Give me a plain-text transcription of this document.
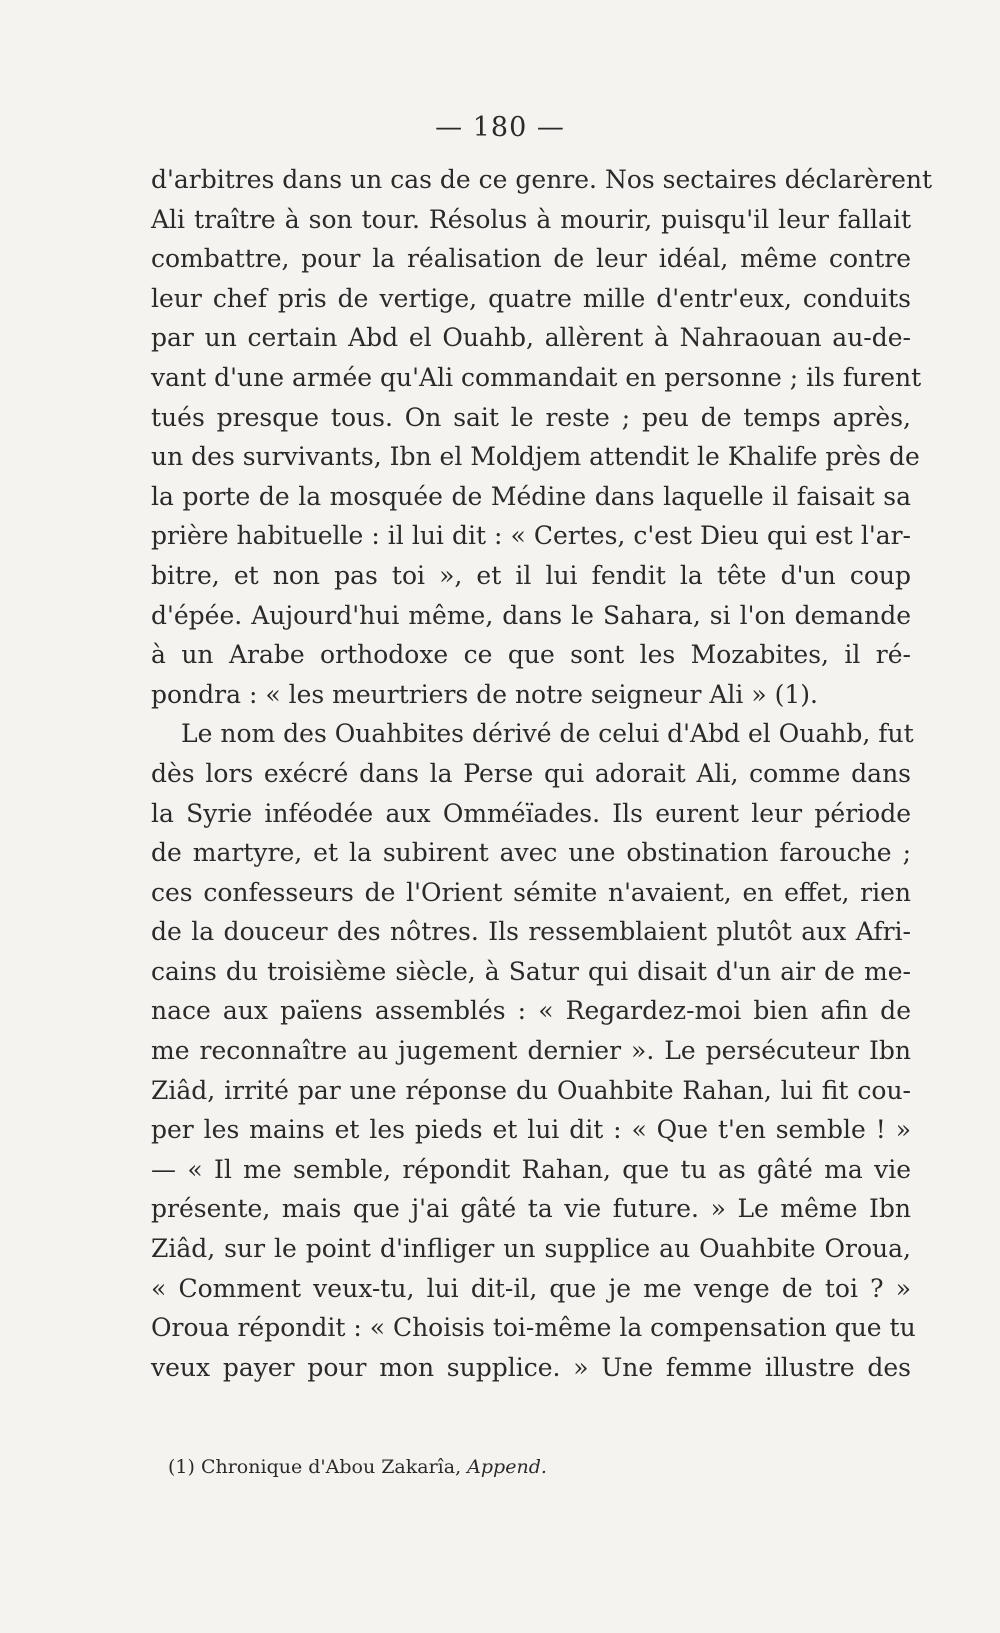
— 180 —
d'arbitres dans un cas de ce genre. Nos sectaires déclarèrent
Ali traître à son tour. Résolus à mourir, puisqu'il leur fallait
combattre, pour la réalisation de leur idéal, même contre
leur chef pris de vertige, quatre mille d'entr'eux, conduits
par un certain Abd el Ouahb, allèrent à Nahraouan au-de-
vant d'une armée qu'Ali commandait en personne ; ils furent
tués presque tous. On sait le reste ; peu de temps après,
un des survivants, Ibn el Moldjem attendit le Khalife près de
la porte de la mosquée de Médine dans laquelle il faisait sa
prière habituelle : il lui dit : « Certes, c'est Dieu qui est l'ar-
bitre, et non pas toi », et il lui fendit la tête d'un coup
d'épée. Aujourd'hui même, dans le Sahara, si l'on demande
à un Arabe orthodoxe ce que sont les Mozabites, il ré-
pondra : « les meurtriers de notre seigneur Ali » (1).
Le nom des Ouahbites dérivé de celui d'Abd el Ouahb, fut
dès lors exécré dans la Perse qui adorait Ali, comme dans
la Syrie inféodée aux Omméïades. Ils eurent leur période
de martyre, et la subirent avec une obstination farouche ;
ces confesseurs de l'Orient sémite n'avaient, en effet, rien
de la douceur des nôtres. Ils ressemblaient plutôt aux Afri-
cains du troisième siècle, à Satur qui disait d'un air de me-
nace aux païens assemblés : « Regardez-moi bien afin de
me reconnaître au jugement dernier ». Le persécuteur Ibn
Ziâd, irrité par une réponse du Ouahbite Rahan, lui fit cou-
per les mains et les pieds et lui dit : « Que t'en semble ! »
— « Il me semble, répondit Rahan, que tu as gâté ma vie
présente, mais que j'ai gâté ta vie future. » Le même Ibn
Ziâd, sur le point d'infliger un supplice au Ouahbite Oroua,
« Comment veux-tu, lui dit-il, que je me venge de toi ? »
Oroua répondit : « Choisis toi-même la compensation que tu
veux payer pour mon supplice. » Une femme illustre des
(1) Chronique d'Abou Zakarîa, Append.
